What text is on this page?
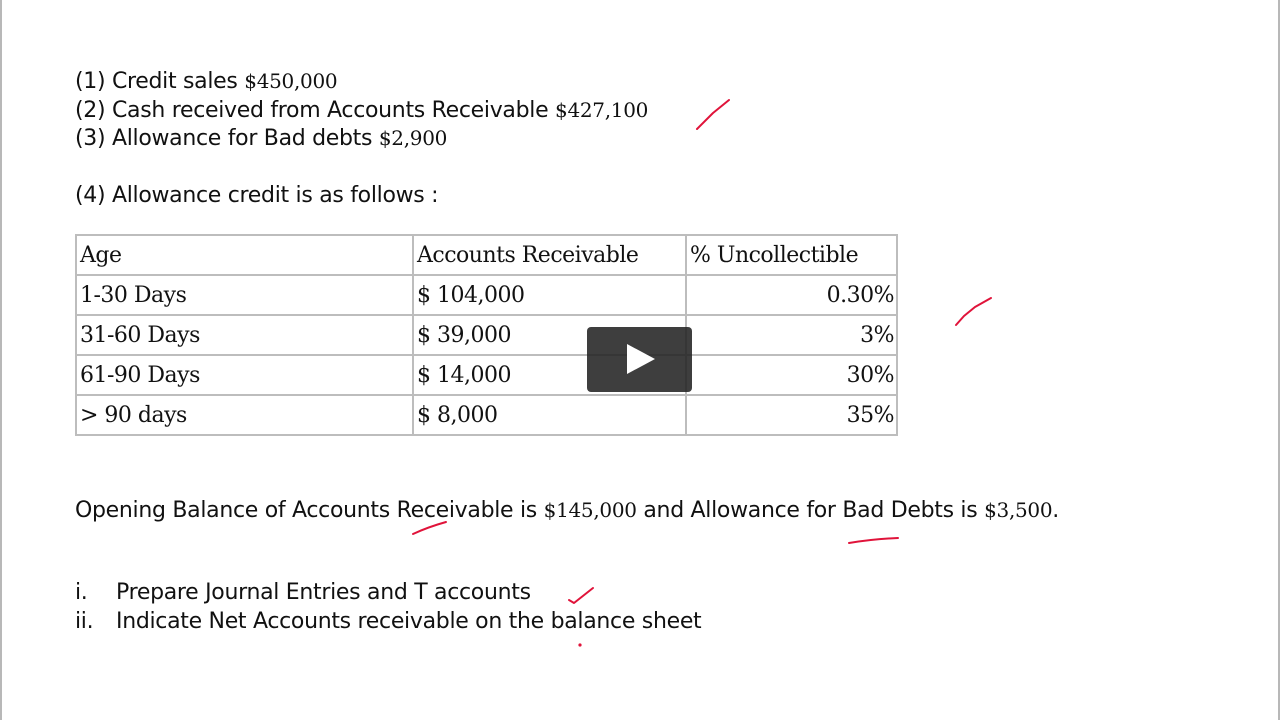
(1) Credit sales $450,000
(2) Cash received from Accounts Receivable $427,100
(3) Allowance for Bad debts $2,900
(4) Allowance credit is as follows :
Age	Accounts Receivable	% Uncollectible
1-30 Days	$ 104,000	0.30%
31-60 Days	$ 39,000	3%
61-90 Days	$ 14,000	30%
> 90 days	$ 8,000	35%
Opening Balance of Accounts Receivable is $145,000 and Allowance for Bad Debts is $3,500.
i. Prepare Journal Entries and T accounts
ii. Indicate Net Accounts receivable on the balance sheet
